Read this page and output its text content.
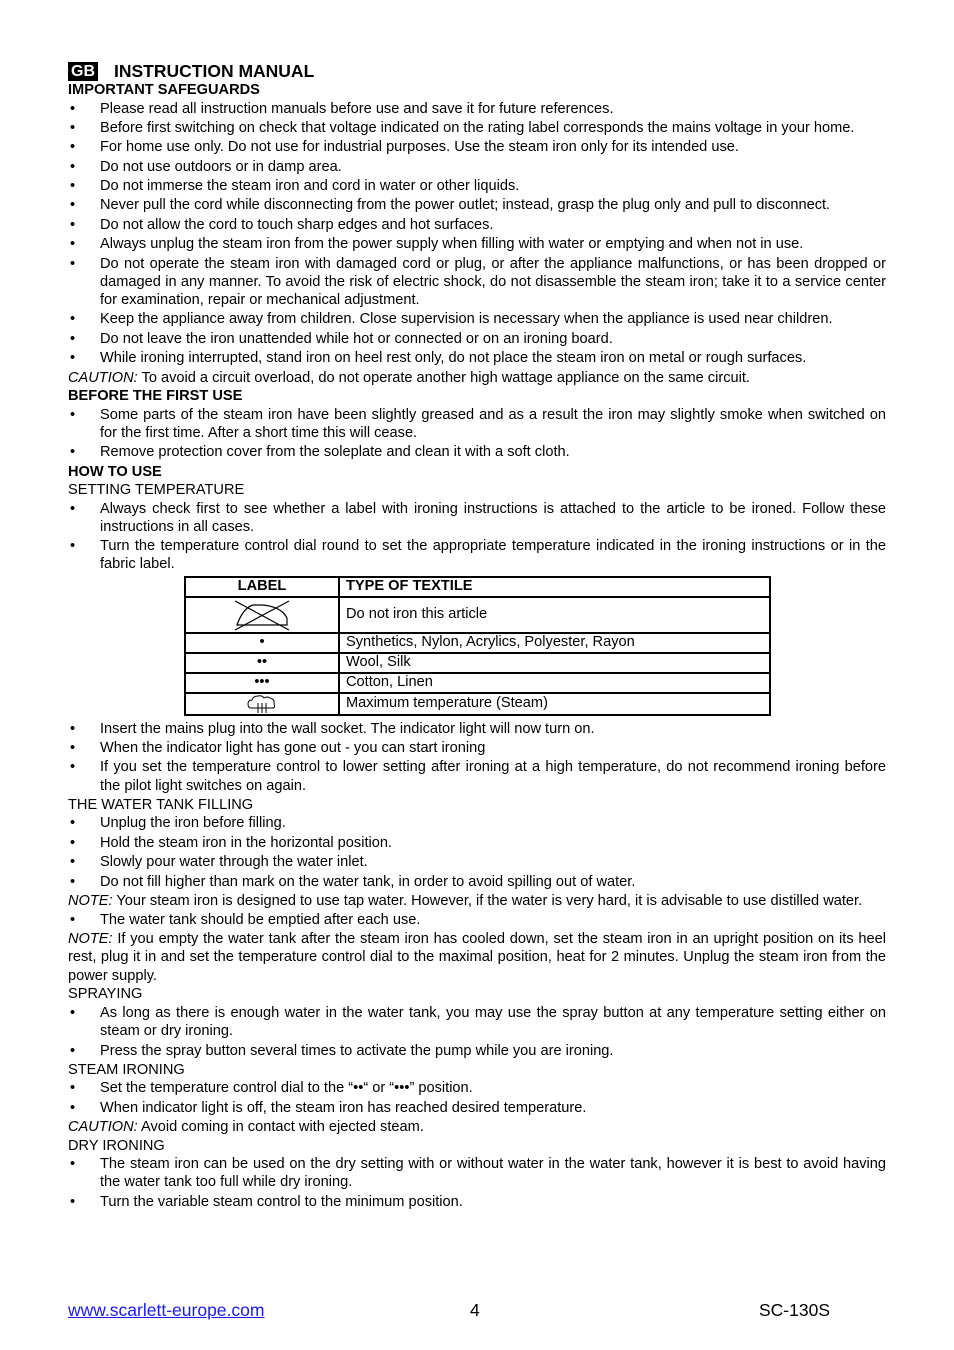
GB INSTRUCTION MANUAL
IMPORTANT SAFEGUARDS
• Please read all instruction manuals before use and save it for future references.
• Before first switching on check that voltage indicated on the rating label corresponds the mains voltage in your home.
• For home use only. Do not use for industrial purposes. Use the steam iron only for its intended use.
• Do not use outdoors or in damp area.
• Do not immerse the steam iron and cord in water or other liquids.
• Never pull the cord while disconnecting from the power outlet; instead, grasp the plug only and pull to disconnect.
• Do not allow the cord to touch sharp edges and hot surfaces.
• Always unplug the steam iron from the power supply when filling with water or emptying and when not in use.
• Do not operate the steam iron with damaged cord or plug, or after the appliance malfunctions, or has been dropped or damaged in any manner. To avoid the risk of electric shock, do not disassemble the steam iron; take it to a service center for examination, repair or mechanical adjustment.
• Keep the appliance away from children. Close supervision is necessary when the appliance is used near children.
• Do not leave the iron unattended while hot or connected or on an ironing board.
• While ironing interrupted, stand iron on heel rest only, do not place the steam iron on metal or rough surfaces.
CAUTION: To avoid a circuit overload, do not operate another high wattage appliance on the same circuit.
BEFORE THE FIRST USE
• Some parts of the steam iron have been slightly greased and as a result the iron may slightly smoke when switched on for the first time. After a short time this will cease.
• Remove protection cover from the soleplate and clean it with a soft cloth.
HOW TO USE
SETTING TEMPERATURE
• Always check first to see whether a label with ironing instructions is attached to the article to be ironed. Follow these instructions in all cases.
• Turn the temperature control dial round to set the appropriate temperature indicated in the ironing instructions or in the fabric label.
LABEL	TYPE OF TEXTILE

	Do not iron this article
•	Synthetics, Nylon, Acrylics, Polyester, Rayon
••	Wool, Silk
•••	Cotton, Linen

	Maximum temperature (Steam)
• Insert the mains plug into the wall socket. The indicator light will now turn on.
• When the indicator light has gone out - you can start ironing
• If you set the temperature control to lower setting after ironing at a high temperature, do not recommend ironing before the pilot light switches on again.
THE WATER TANK FILLING
• Unplug the iron before filling.
• Hold the steam iron in the horizontal position.
• Slowly pour water through the water inlet.
• Do not fill higher than mark on the water tank, in order to avoid spilling out of water.
NOTE: Your steam iron is designed to use tap water. However, if the water is very hard, it is advisable to use distilled water.
• The water tank should be emptied after each use.
NOTE: If you empty the water tank after the steam iron has cooled down, set the steam iron in an upright position on its heel rest, plug it in and set the temperature control dial to the maximal position, heat for 2 minutes. Unplug the steam iron from the power supply.
SPRAYING
• As long as there is enough water in the water tank, you may use the spray button at any temperature setting either on steam or dry ironing.
• Press the spray button several times to activate the pump while you are ironing.
STEAM IRONING
• Set the temperature control dial to the “••“ or “•••” position.
• When indicator light is off, the steam iron has reached desired temperature.
CAUTION: Avoid coming in contact with ejected steam.
DRY IRONING
• The steam iron can be used on the dry setting with or without water in the water tank, however it is best to avoid having the water tank too full while dry ironing.
• Turn the variable steam control to the minimum position.
www.scarlett-europe.com	4	SC-130S
